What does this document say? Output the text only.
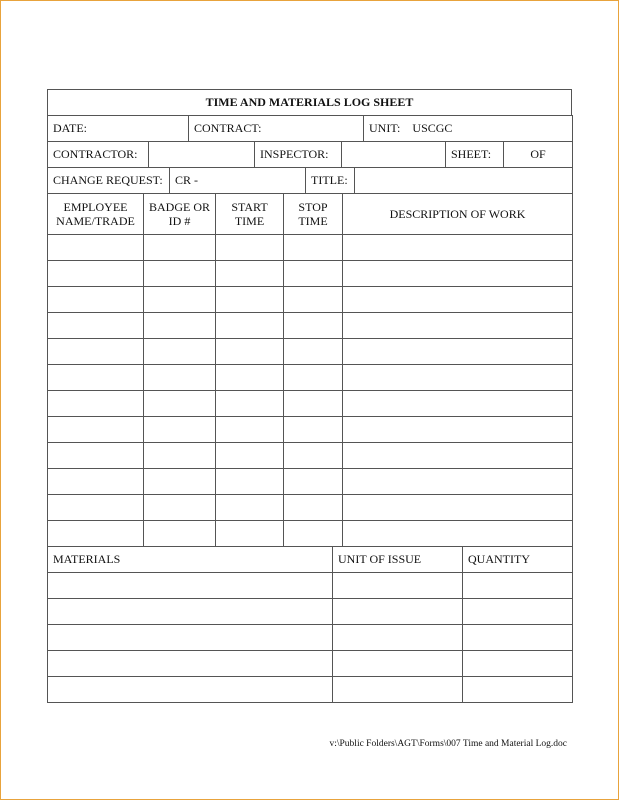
TIME AND MATERIALS LOG SHEET
DATE:	CONTRACT:	UNIT: USCGC
CONTRACTOR:		INSPECTOR:		SHEET:	OF
CHANGE REQUEST:	CR -	TITLE:	
EMPLOYEE NAME/TRADE	BADGE OR ID #	START TIME	STOP TIME	DESCRIPTION OF WORK

MATERIALS	UNIT OF ISSUE	QUANTITY

v:\Public Folders\AGT\Forms\007 Time and Material Log.doc
